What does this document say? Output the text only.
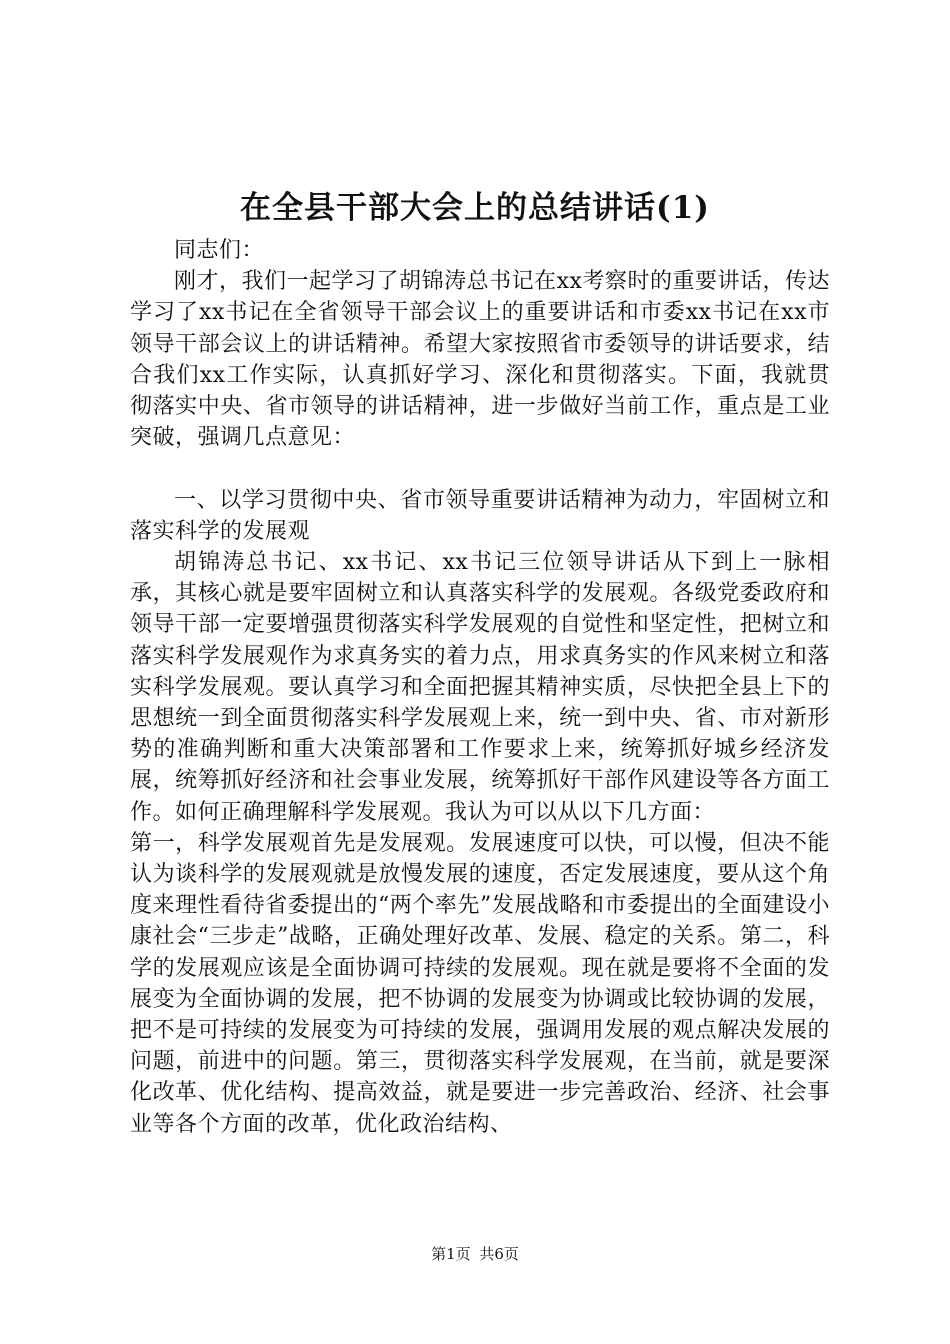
在全县干部大会上的总结讲话(1)

同志们：

刚才，我们一起学习了胡锦涛总书记在xx考察时的重要讲话，传达学习了xx书记在全省领导干部会议上的重要讲话和市委xx书记在xx市领导干部会议上的讲话精神。希望大家按照省市委领导的讲话要求，结合我们xx工作实际，认真抓好学习、深化和贯彻落实。下面，我就贯彻落实中央、省市领导的讲话精神，进一步做好当前工作，重点是工业突破，强调几点意见：

一、以学习贯彻中央、省市领导重要讲话精神为动力，牢固树立和落实科学的发展观

胡锦涛总书记、xx书记、xx书记三位领导讲话从下到上一脉相承，其核心就是要牢固树立和认真落实科学的发展观。各级党委政府和领导干部一定要增强贯彻落实科学发展观的自觉性和坚定性，把树立和落实科学发展观作为求真务实的着力点，用求真务实的作风来树立和落实科学发展观。要认真学习和全面把握其精神实质，尽快把全县上下的思想统一到全面贯彻落实科学发展观上来，统一到中央、省、市对新形势的准确判断和重大决策部署和工作要求上来，统筹抓好城乡经济发展，统筹抓好经济和社会事业发展，统筹抓好干部作风建设等各方面工作。如何正确理解科学发展观。我认为可以从以下几方面：

第一，科学发展观首先是发展观。发展速度可以快，可以慢，但决不能认为谈科学的发展观就是放慢发展的速度，否定发展速度，要从这个角度来理性看待省委提出的“两个率先”发展战略和市委提出的全面建设小康社会“三步走”战略，正确处理好改革、发展、稳定的关系。第二，科学的发展观应该是全面协调可持续的发展观。现在就是要将不全面的发展变为全面协调的发展，把不协调的发展变为协调或比较协调的发展，把不是可持续的发展变为可持续的发展，强调用发展的观点解决发展的问题，前进中的问题。第三，贯彻落实科学发展观，在当前，就是要深化改革、优化结构、提高效益，就是要进一步完善政治、经济、社会事业等各个方面的改革，优化政治结构、

第1页 共6页
